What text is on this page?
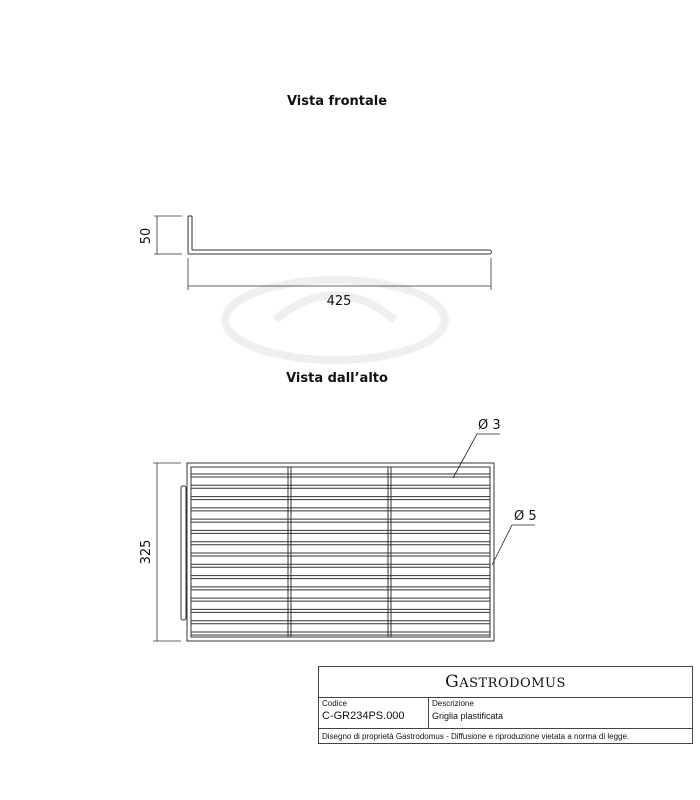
Vista frontale
Vista dall’alto
50
425
325
Ø 3
Ø 5
GASTRODOMUS
Codice
C-GR234PS.000
Descrizione
Griglia plastificata
Disegno di proprietà Gastrodomus - Diffusione e riproduzione vietata a norma di legge.
